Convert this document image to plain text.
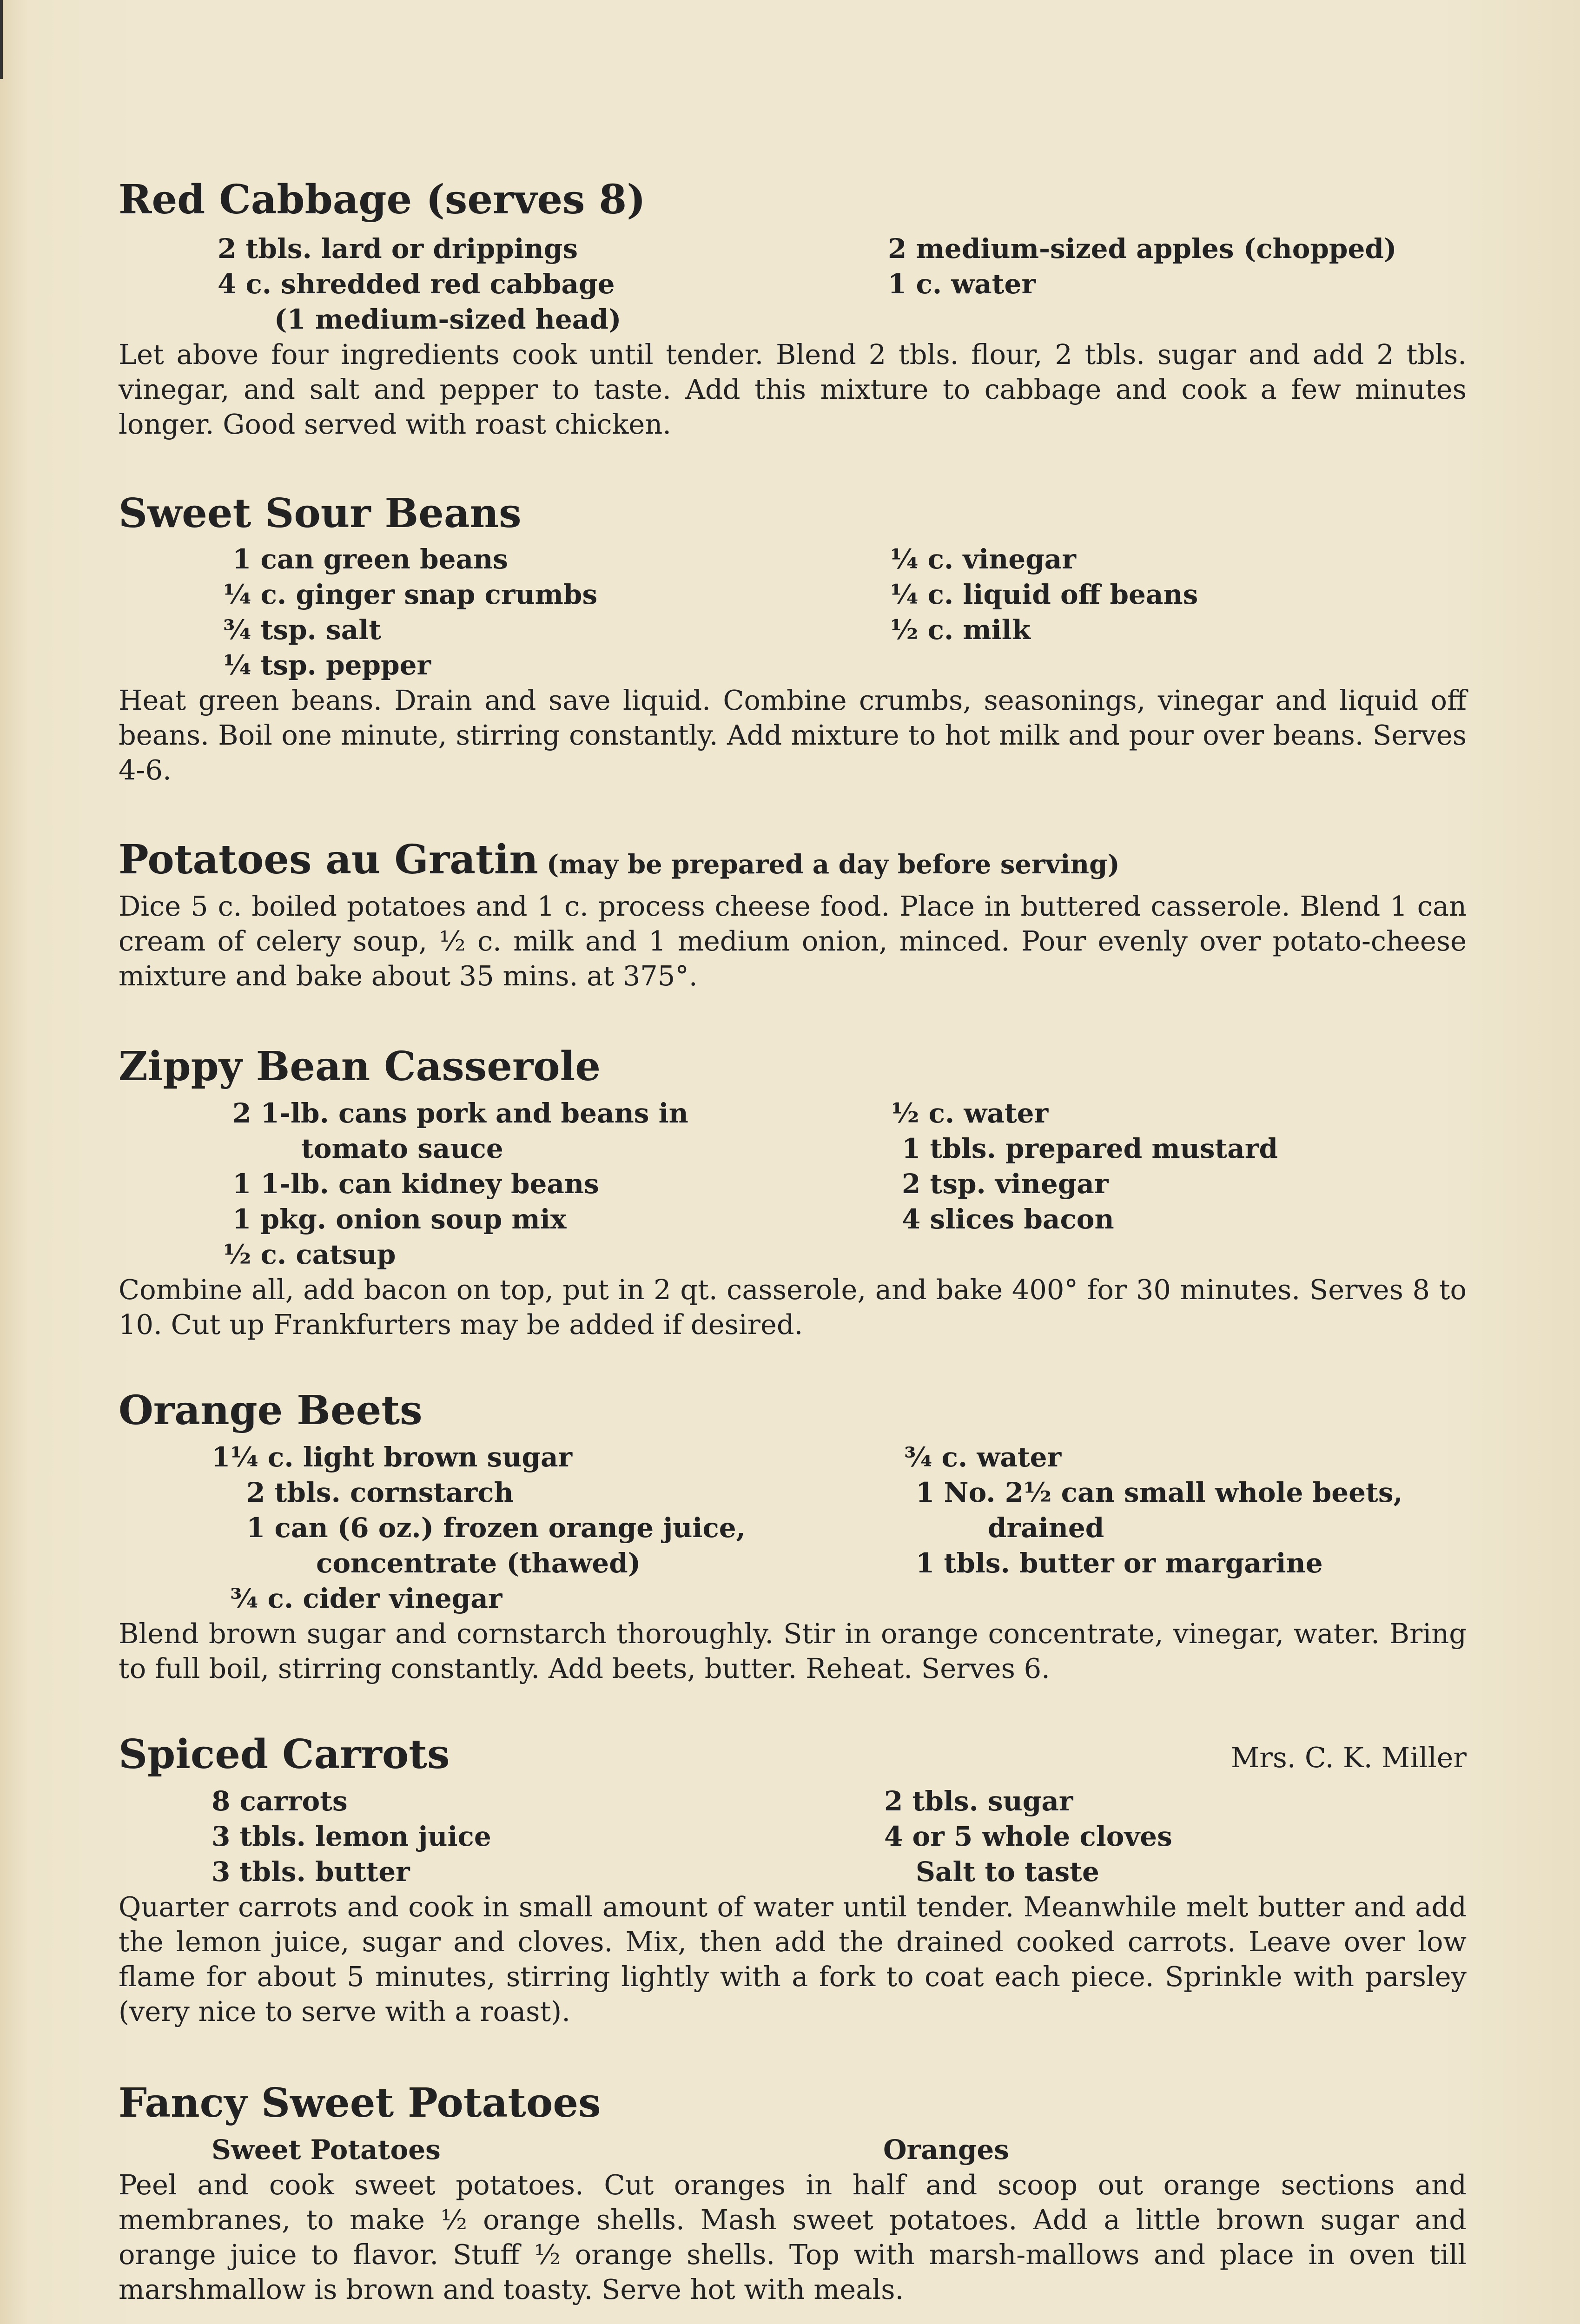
Red Cabbage (serves 8)
2 tbls. lard or drippings
4 c. shredded red cabbage
(1 medium-sized head)
2 medium-sized apples (chopped)
1 c. water

Let above four ingredients cook until tender. Blend 2 tbls. flour, 2 tbls. sugar and add 2 tbls. vinegar, and salt and pepper to taste. Add this mixture to cabbage and cook a few minutes longer. Good served with roast chicken.

Sweet Sour Beans
1 can green beans
¼ c. ginger snap crumbs
¾ tsp. salt
¼ tsp. pepper
¼ c. vinegar
¼ c. liquid off beans
½ c. milk

Heat green beans. Drain and save liquid. Combine crumbs, seasonings, vinegar and liquid off beans. Boil one minute, stirring constantly. Add mixture to hot milk and pour over beans. Serves 4-6.

Potatoes au Gratin (may be prepared a day before serving)

Dice 5 c. boiled potatoes and 1 c. process cheese food. Place in buttered casserole. Blend 1 can cream of celery soup, ½ c. milk and 1 medium onion, minced. Pour evenly over potato-cheese mixture and bake about 35 mins. at 375°.

Zippy Bean Casserole
2 1-lb. cans pork and beans in
tomato sauce
1 1-lb. can kidney beans
1 pkg. onion soup mix
½ c. catsup
½ c. water
1 tbls. prepared mustard
2 tsp. vinegar
4 slices bacon

Combine all, add bacon on top, put in 2 qt. casserole, and bake 400° for 30 minutes. Serves 8 to 10. Cut up Frankfurters may be added if desired.

Orange Beets
1¼ c. light brown sugar
2 tbls. cornstarch
1 can (6 oz.) frozen orange juice,
concentrate (thawed)
¾ c. cider vinegar
¾ c. water
1 No. 2½ can small whole beets,
drained
1 tbls. butter or margarine

Blend brown sugar and cornstarch thoroughly. Stir in orange concentrate, vinegar, water. Bring to full boil, stirring constantly. Add beets, butter. Reheat. Serves 6.

Spiced Carrots	Mrs. C. K. Miller
8 carrots
3 tbls. lemon juice
3 tbls. butter
2 tbls. sugar
4 or 5 whole cloves
Salt to taste

Quarter carrots and cook in small amount of water until tender. Meanwhile melt butter and add the lemon juice, sugar and cloves. Mix, then add the drained cooked carrots. Leave over low flame for about 5 minutes, stirring lightly with a fork to coat each piece. Sprinkle with parsley (very nice to serve with a roast).

Fancy Sweet Potatoes
Sweet Potatoes	Oranges

Peel and cook sweet potatoes. Cut oranges in half and scoop out orange sections and membranes, to make ½ orange shells. Mash sweet potatoes. Add a little brown sugar and orange juice to flavor. Stuff ½ orange shells. Top with marsh-mallows and place in oven till marshmallow is brown and toasty. Serve hot with meals.
